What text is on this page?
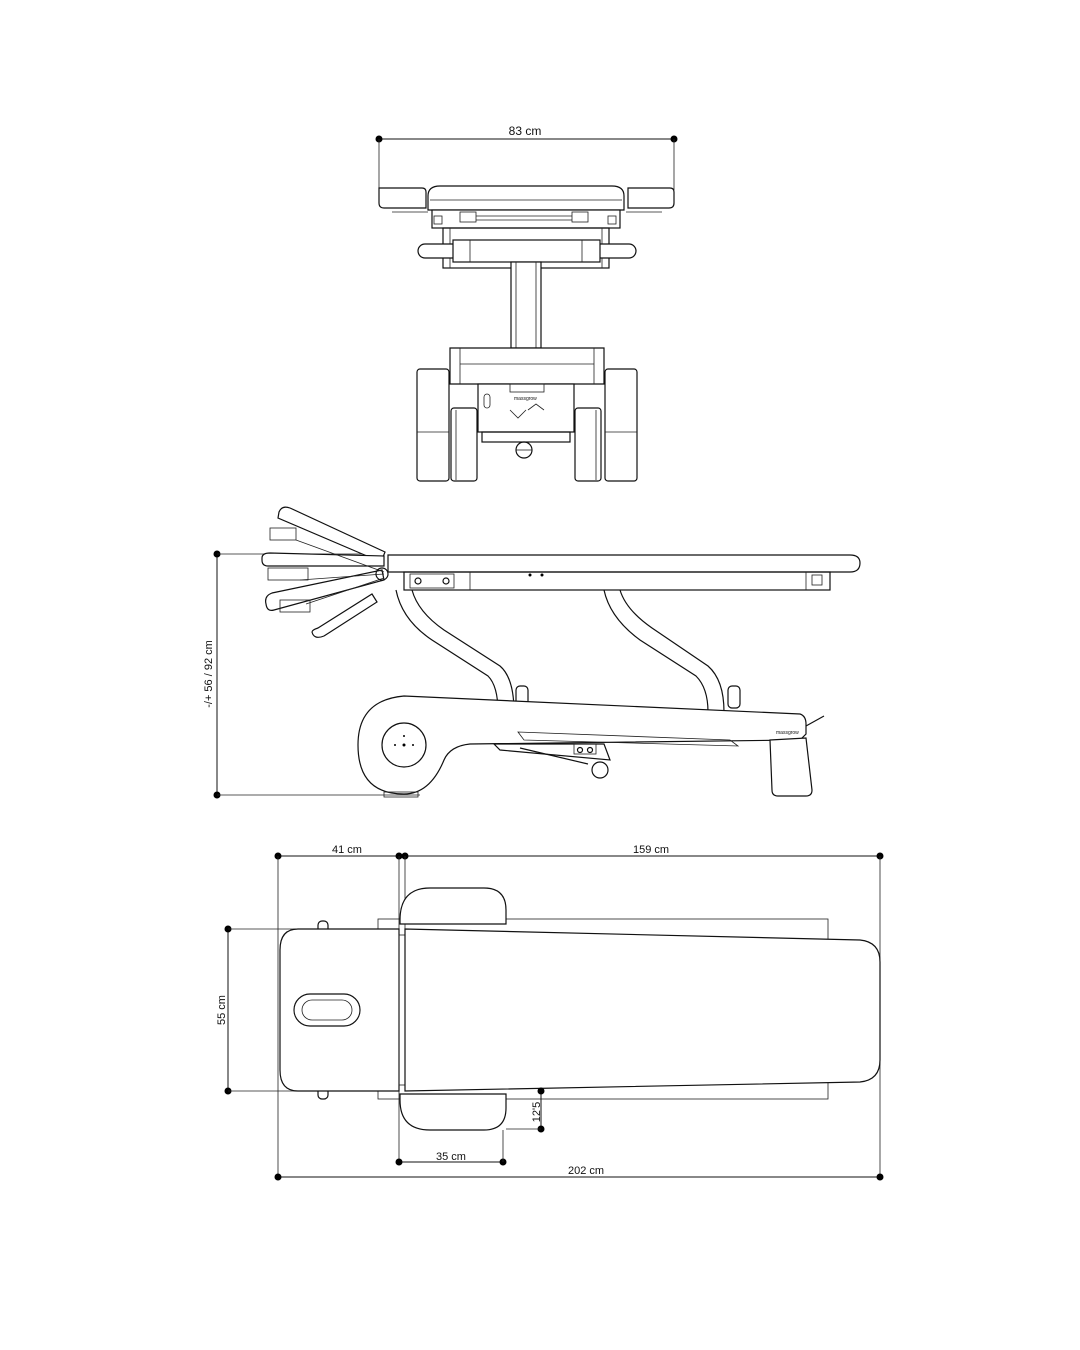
83 cm
massgrow
-/+ 56 / 92 cm
massgrow
41 cm	159 cm
55 cm
12'5
35 cm
202 cm
